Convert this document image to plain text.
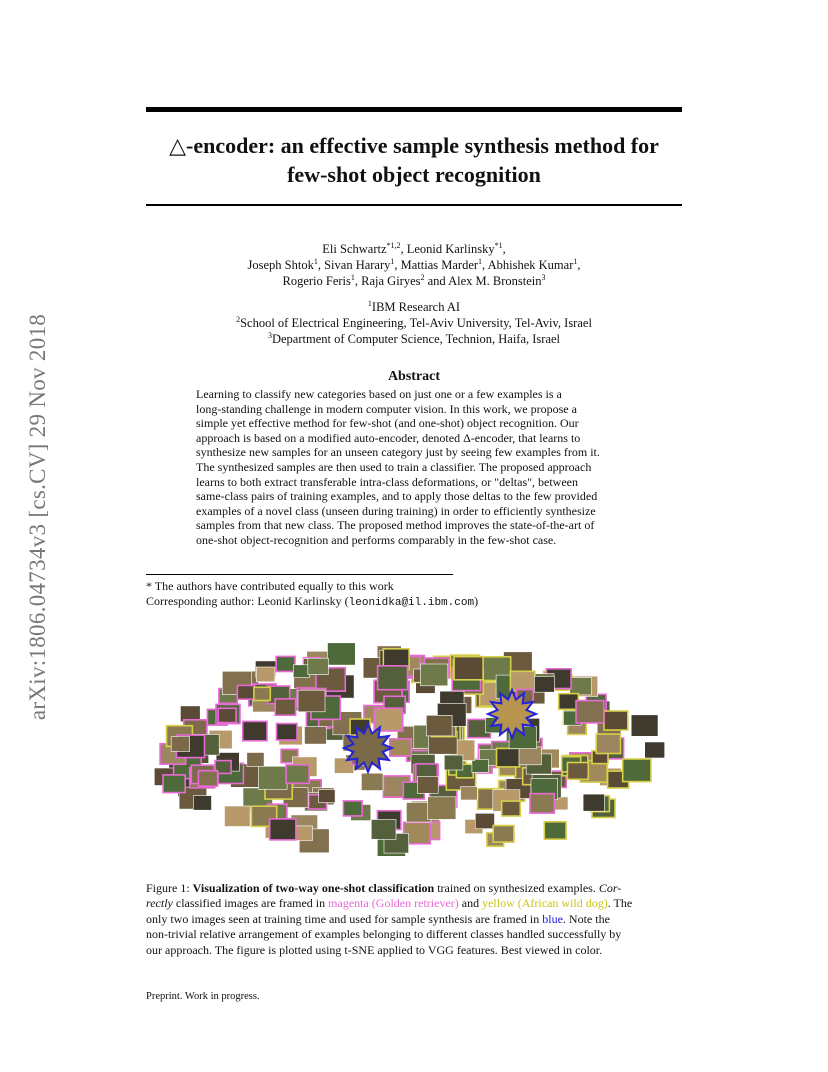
arXiv:1806.04734v3 [cs.CV] 29 Nov 2018
△-encoder: an effective sample synthesis method for
few-shot object recognition
Eli Schwartz$^{*1,2}$, Leonid Karlinsky$^{*1}$,
Joseph Shtok$^1$, Sivan Harary$^1$, Mattias Marder$^1$, Abhishek Kumar$^1$,
Rogerio Feris$^1$, Raja Giryes$^2$ and Alex M. Bronstein$^3$
$^1$IBM Research AI
$^2$School of Electrical Engineering, Tel-Aviv University, Tel-Aviv, Israel
$^3$Department of Computer Science, Technion, Haifa, Israel
Abstract
Learning to classify new categories based on just one or a few examples is a
long-standing challenge in modern computer vision. In this work, we propose a
simple yet effective method for few-shot (and one-shot) object recognition. Our
approach is based on a modified auto-encoder, denoted Δ-encoder, that learns to
synthesize new samples for an unseen category just by seeing few examples from it.
The synthesized samples are then used to train a classifier. The proposed approach
learns to both extract transferable intra-class deformations, or "deltas", between
same-class pairs of training examples, and to apply those deltas to the few provided
examples of a novel class (unseen during training) in order to efficiently synthesize
samples from that new class. The proposed method improves the state-of-the-art of
one-shot object-recognition and performs comparably in the few-shot case.
* The authors have contributed equally to this work
Corresponding author: Leonid Karlinsky (leonidka@il.ibm.com)
Figure 1: Visualization of two-way one-shot classification trained on synthesized examples. Cor-
rectly classified images are framed in magenta (Golden retriever) and yellow (African wild dog). The
only two images seen at training time and used for sample synthesis are framed in blue. Note the
non-trivial relative arrangement of examples belonging to different classes handled successfully by
our approach. The figure is plotted using t-SNE applied to VGG features. Best viewed in color.
Preprint. Work in progress.
